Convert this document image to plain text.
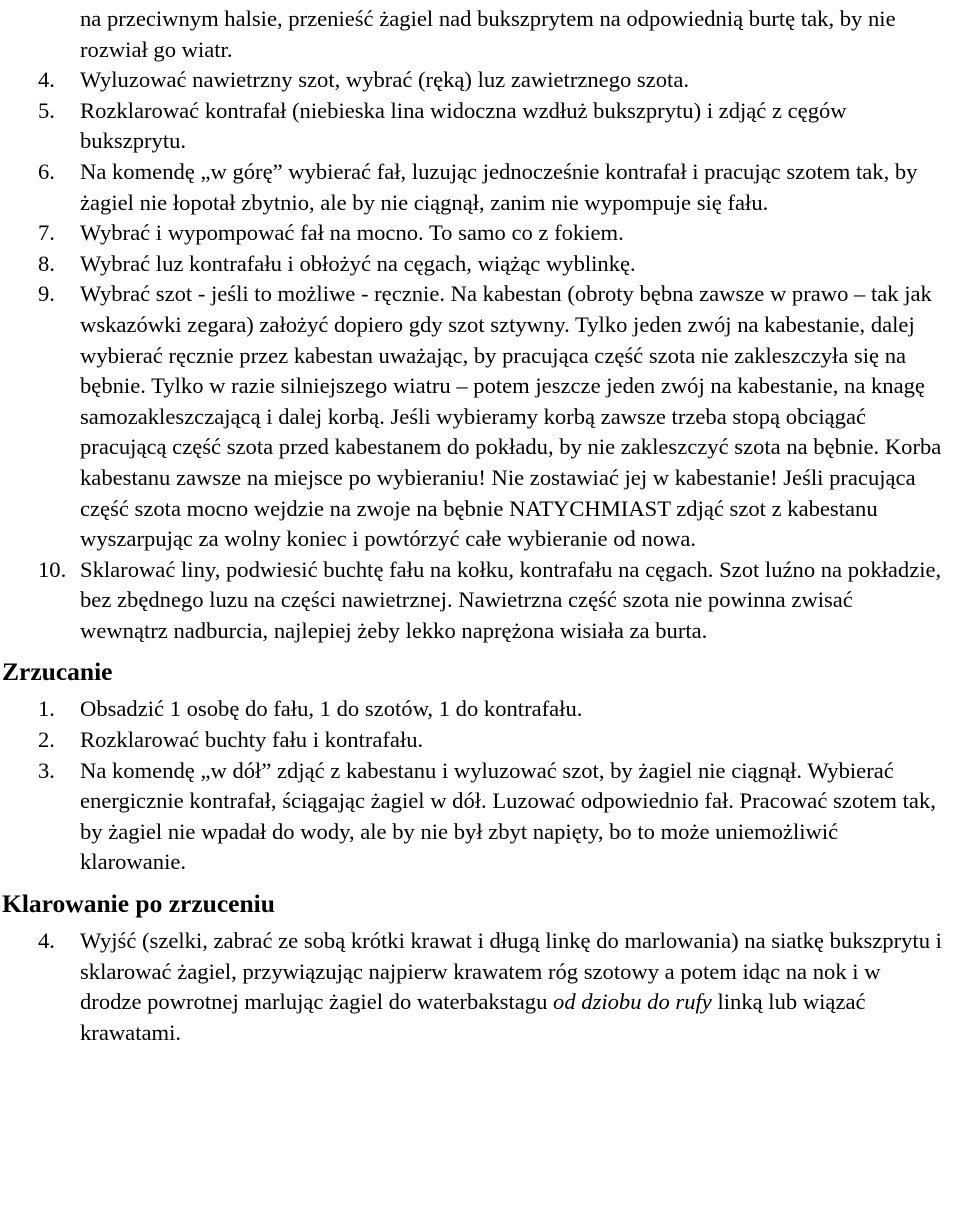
na przeciwnym halsie, przenieść żagiel nad bukszprytem na odpowiednią burtę tak, by nie rozwiał go wiatr.
4. Wyluzować nawietrzny szot, wybrać (ręką) luz zawietrznego szota.
5. Rozklarować kontrafał (niebieska lina widoczna wzdłuż bukszprytu) i zdjąć z cęgów bukszprytu.
6. Na komendę „w górę” wybierać fał, luzując jednocześnie kontrafał i pracując szotem tak, by żagiel nie łopotał zbytnio, ale by nie ciągnął, zanim nie wypompuje się fału.
7. Wybrać i wypompować fał na mocno. To samo co z fokiem.
8. Wybrać luz kontrafału i obłożyć na cęgach, wiążąc wyblinkę.
9. Wybrać szot - jeśli to możliwe - ręcznie. Na kabestan (obroty bębna zawsze w prawo – tak jak wskazówki zegara) założyć dopiero gdy szot sztywny. Tylko jeden zwój na kabestanie, dalej wybierać ręcznie przez kabestan uważając, by pracująca część szota nie zakleszczyła się na bębnie. Tylko w razie silniejszego wiatru – potem jeszcze jeden zwój na kabestanie, na knagę samozakleszczającą i dalej korbą. Jeśli wybieramy korbą zawsze trzeba stopą obciągać pracującą część szota przed kabestanem do pokładu, by nie zakleszczyć szota na bębnie. Korba kabestanu zawsze na miejsce po wybieraniu! Nie zostawiać jej w kabestanie! Jeśli pracująca część szota mocno wejdzie na zwoje na bębnie NATYCHMIAST zdjąć szot z kabestanu wyszarpując za wolny koniec i powtórzyć całe wybieranie od nowa.
10. Sklarować liny, podwiesić buchtę fału na kołku, kontrafału na cęgach. Szot luźno na pokładzie, bez zbędnego luzu na części nawietrznej. Nawietrzna część szota nie powinna zwisać wewnątrz nadburcia, najlepiej żeby lekko naprężona wisiała za burta.
Zrzucanie
1. Obsadzić 1 osobę do fału, 1 do szotów, 1 do kontrafału.
2. Rozklarować buchty fału i kontrafału.
3. Na komendę „w dół” zdjąć z kabestanu i wyluzować szot, by żagiel nie ciągnął. Wybierać energicznie kontrafał, ściągając żagiel w dół. Luzować odpowiednio fał. Pracować szotem tak, by żagiel nie wpadał do wody, ale by nie był zbyt napięty, bo to może uniemożliwić klarowanie.
Klarowanie po zrzuceniu
4. Wyjść (szelki, zabrać ze sobą krótki krawat i długą linkę do marlowania) na siatkę bukszprytu i sklarować żagiel, przywiązując najpierw krawatem róg szotowy a potem idąc na nok i w drodze powrotnej marlując żagiel do waterbakstagu od dziobu do rufy linką lub wiązać krawatami.
